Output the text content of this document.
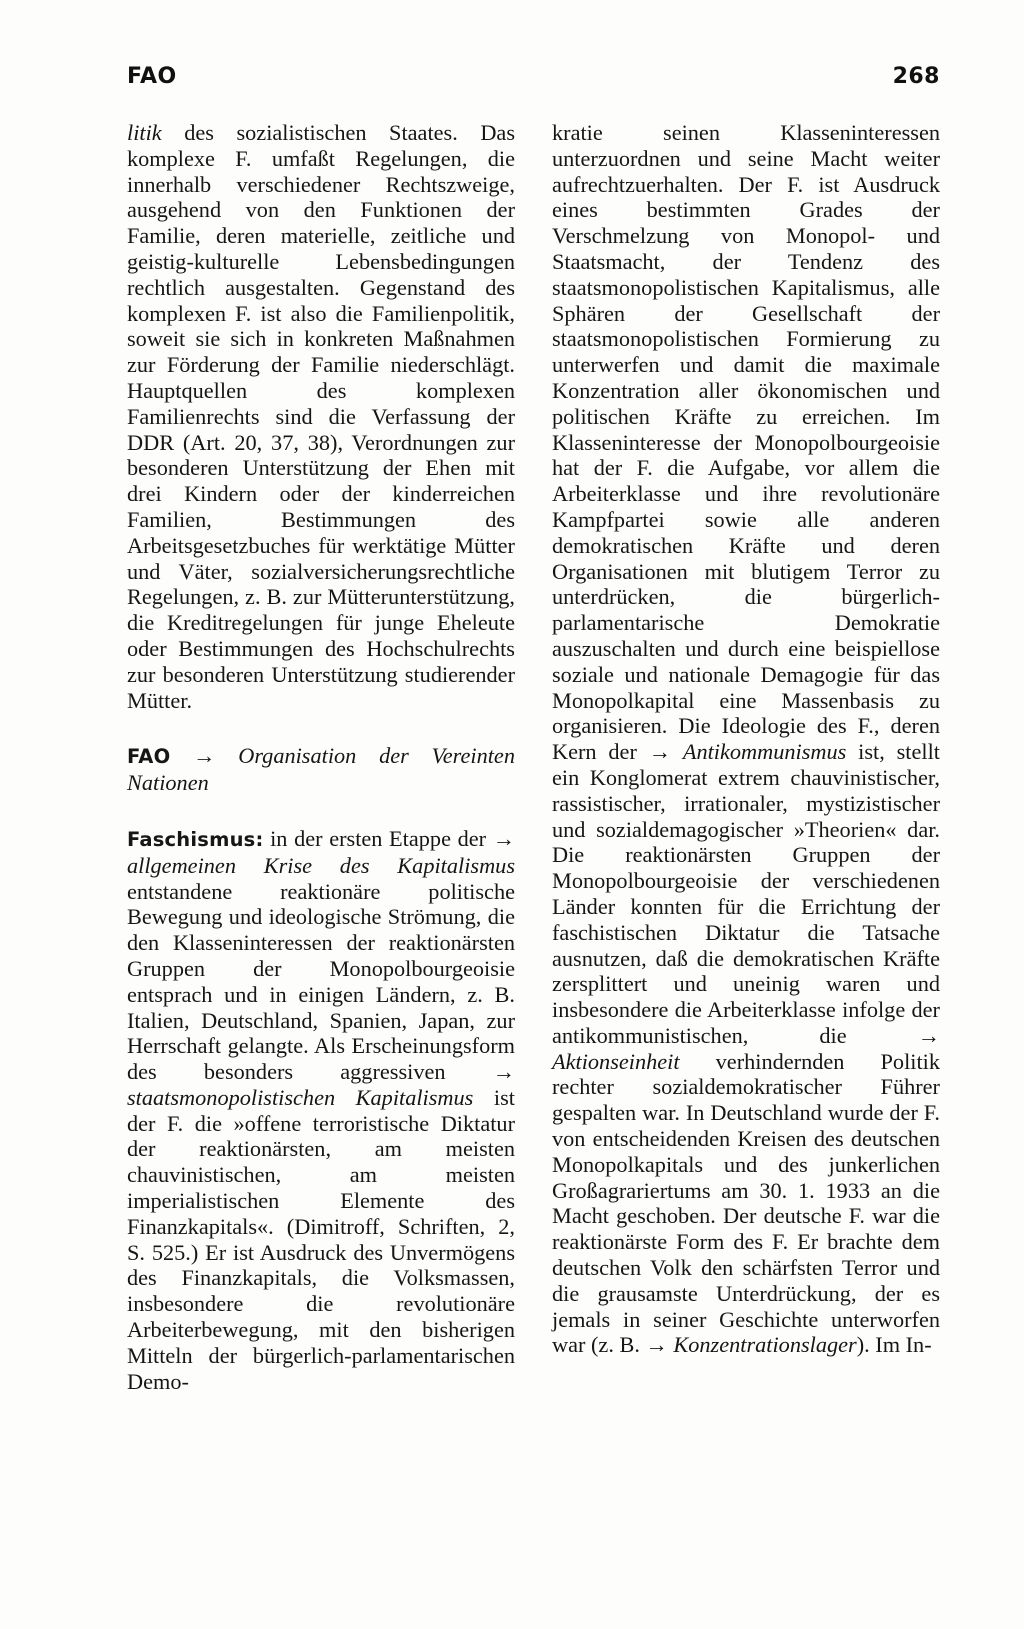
FAO	268

litik des sozialistischen Staates. Das komplexe F. umfaßt Regelungen, die innerhalb verschiedener Rechtszweige, ausgehend von den Funktionen der Familie, deren materielle, zeitliche und geistig-kulturelle Lebensbedingungen rechtlich ausgestalten. Gegenstand des komplexen F. ist also die Familienpolitik, soweit sie sich in konkreten Maßnahmen zur Förderung der Familie niederschlägt. Hauptquellen des komplexen Familienrechts sind die Verfassung der DDR (Art. 20, 37, 38), Verordnungen zur besonderen Unterstützung der Ehen mit drei Kindern oder der kinderreichen Familien, Bestimmungen des Arbeitsgesetzbuches für werktätige Mütter und Väter, sozialversicherungsrechtliche Regelungen, z. B. zur Mütterunterstützung, die Kreditregelungen für junge Eheleute oder Bestimmungen des Hochschulrechts zur besonderen Unterstützung studierender Mütter.

FAO → Organisation der Vereinten Nationen

Faschismus: in der ersten Etappe der → allgemeinen Krise des Kapitalismus entstandene reaktionäre politische Bewegung und ideologische Strömung, die den Klasseninteressen der reaktionärsten Gruppen der Monopolbourgeoisie entsprach und in einigen Ländern, z. B. Italien, Deutschland, Spanien, Japan, zur Herrschaft gelangte. Als Erscheinungsform des besonders aggressiven → staatsmonopolistischen Kapitalismus ist der F. die »offene terroristische Diktatur der reaktionärsten, am meisten chauvinistischen, am meisten imperialistischen Elemente des Finanzkapitals«. (Dimitroff, Schriften, 2, S. 525.) Er ist Ausdruck des Unvermögens des Finanzkapitals, die Volksmassen, insbesondere die revolutionäre Arbeiterbewegung, mit den bisherigen Mitteln der bürgerlich-parlamentarischen Demo-

kratie seinen Klasseninteressen unterzuordnen und seine Macht weiter aufrechtzuerhalten. Der F. ist Ausdruck eines bestimmten Grades der Verschmelzung von Monopol- und Staatsmacht, der Tendenz des staatsmonopolistischen Kapitalismus, alle Sphären der Gesellschaft der staatsmonopolistischen Formierung zu unterwerfen und damit die maximale Konzentration aller ökonomischen und politischen Kräfte zu erreichen. Im Klasseninteresse der Monopolbourgeoisie hat der F. die Aufgabe, vor allem die Arbeiterklasse und ihre revolutionäre Kampfpartei sowie alle anderen demokratischen Kräfte und deren Organisationen mit blutigem Terror zu unterdrücken, die bürgerlich-parlamentarische Demokratie auszuschalten und durch eine beispiellose soziale und nationale Demagogie für das Monopolkapital eine Massenbasis zu organisieren. Die Ideologie des F., deren Kern der → Antikommunismus ist, stellt ein Konglomerat extrem chauvinistischer, rassistischer, irrationaler, mystizistischer und sozialdemagogischer »Theorien« dar. Die reaktionärsten Gruppen der Monopolbourgeoisie der verschiedenen Länder konnten für die Errichtung der faschistischen Diktatur die Tatsache ausnutzen, daß die demokratischen Kräfte zersplittert und uneinig waren und insbesondere die Arbeiterklasse infolge der antikommunistischen, die → Aktionseinheit verhindernden Politik rechter sozialdemokratischer Führer gespalten war. In Deutschland wurde der F. von entscheidenden Kreisen des deutschen Monopolkapitals und des junkerlichen Großagrariertums am 30. 1. 1933 an die Macht geschoben. Der deutsche F. war die reaktionärste Form des F. Er brachte dem deutschen Volk den schärfsten Terror und die grausamste Unterdrückung, der es jemals in seiner Geschichte unterworfen war (z. B. → Konzentrationslager). Im In-
